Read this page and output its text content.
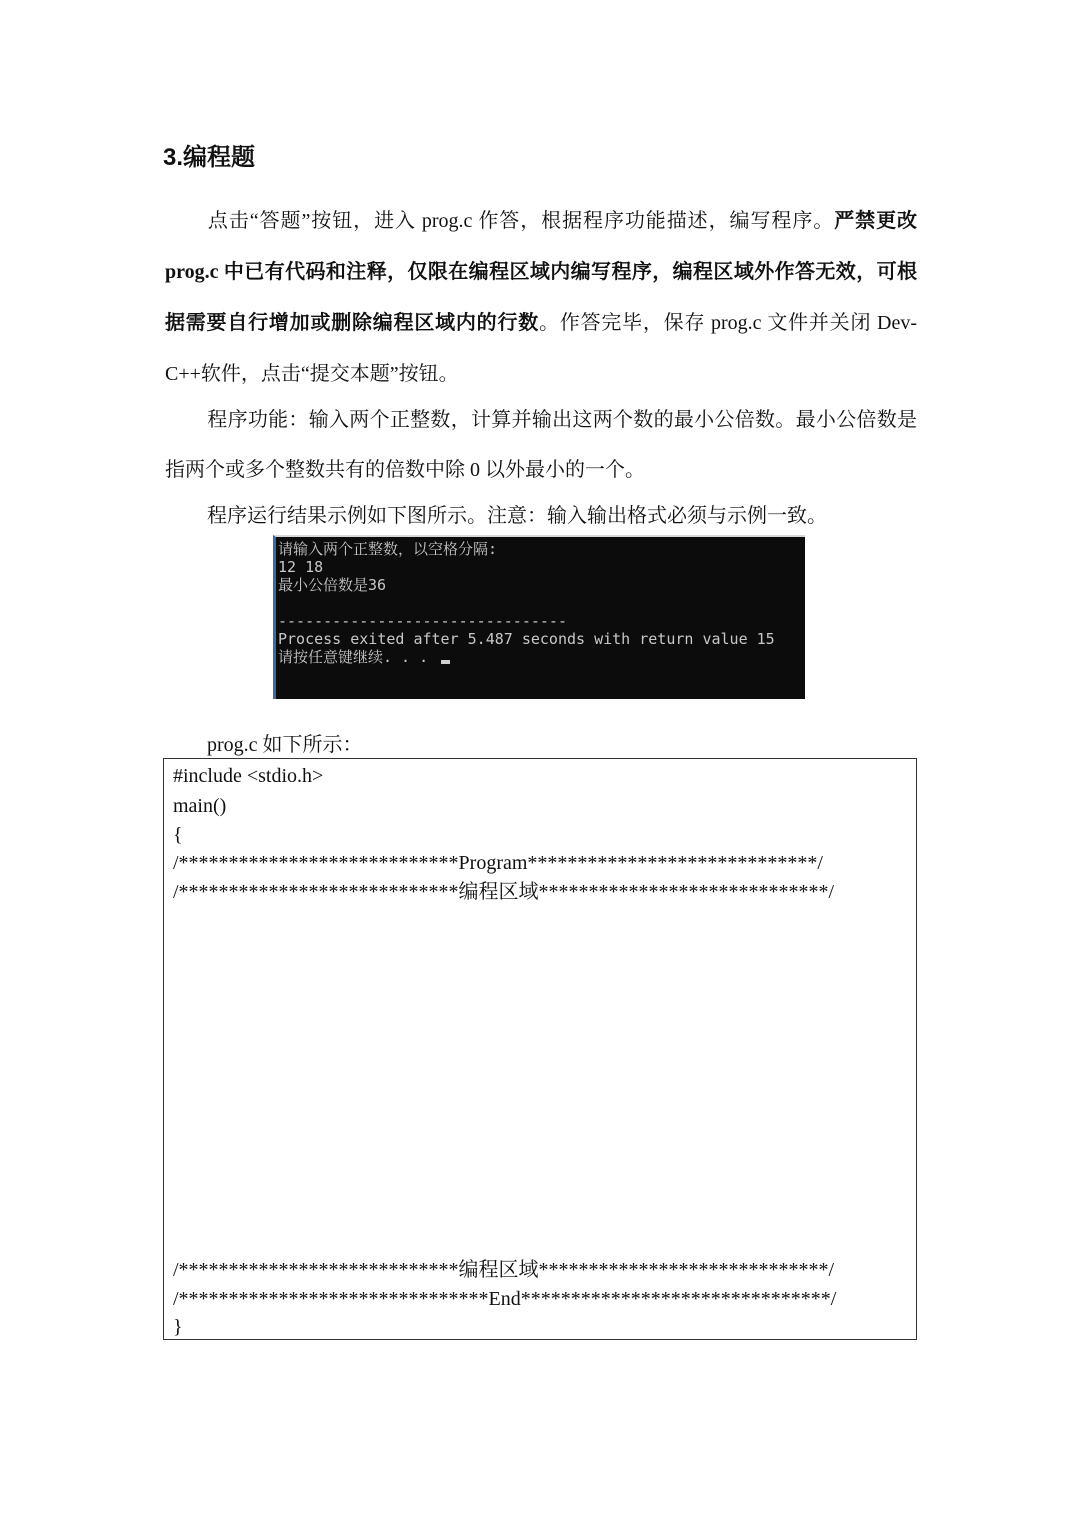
3.编程题

点击“答题”按钮，进入 prog.c 作答，根据程序功能描述，编写程序。严禁更改 prog.c 中已有代码和注释，仅限在编程区域内编写程序，编程区域外作答无效，可根据需要自行增加或删除编程区域内的行数。作答完毕，保存 prog.c 文件并关闭 Dev-C++软件，点击“提交本题”按钮。

程序功能：输入两个正整数，计算并输出这两个数的最小公倍数。最小公倍数是指两个或多个整数共有的倍数中除 0 以外最小的一个。

程序运行结果示例如下图所示。注意：输入输出格式必须与示例一致。

请输入两个正整数，以空格分隔:
12 18
最小公倍数是36
--------------------------------
Process exited after 5.487 seconds with return value 15
请按任意键继续. . .
prog.c 如下所示：
#include <stdio.h>
main()
{
/****************************Program*****************************/
/****************************编程区域*****************************/
/****************************编程区域*****************************/
/*******************************End*******************************/
}
